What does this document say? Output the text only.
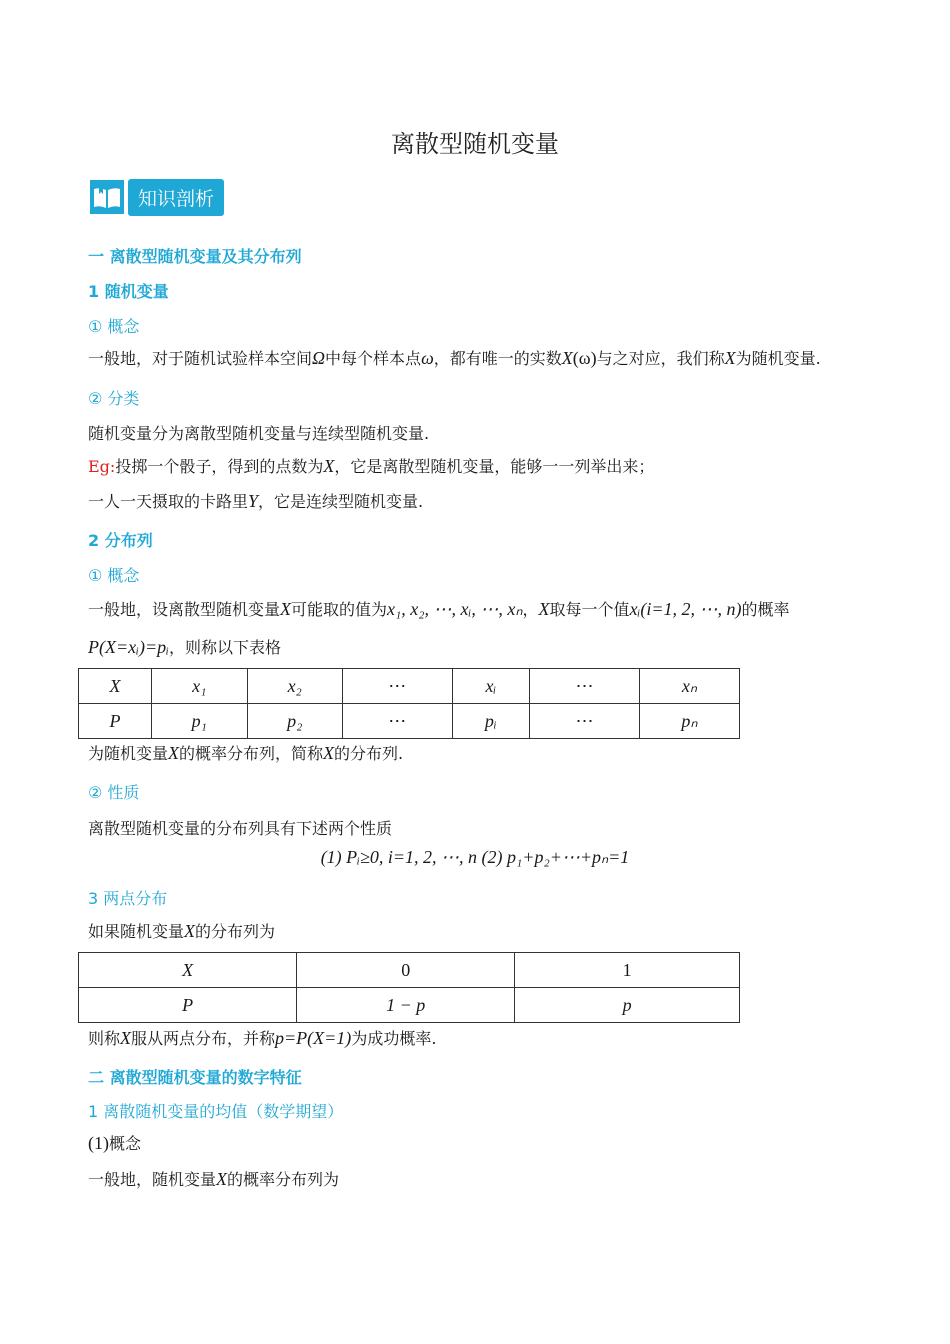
离散型随机变量
知识剖析
一 离散型随机变量及其分布列
1 随机变量
① 概念
一般地，对于随机试验样本空间Ω中每个样本点ω，都有唯一的实数X(ω)与之对应，我们称X为随机变量.
② 分类
随机变量分为离散型随机变量与连续型随机变量.
Eg:投掷一个骰子，得到的点数为X，它是离散型随机变量，能够一一列举出来；
一人一天摄取的卡路里Y，它是连续型随机变量.
2 分布列
① 概念
一般地，设离散型随机变量X可能取的值为x₁, x₂, ⋯, xᵢ, ⋯, xₙ，X取每一个值xᵢ(i=1, 2, ⋯, n)的概率
P(X=xᵢ)=pᵢ，则称以下表格
X	x₁	x₂	⋯	xᵢ	⋯	xₙ
P	p₁	p₂	⋯	pᵢ	⋯	pₙ
为随机变量X的概率分布列，简称X的分布列.
② 性质
离散型随机变量的分布列具有下述两个性质
(1) Pᵢ≥0, i=1, 2, ⋯, n (2) p₁+p₂+⋯+pₙ=1
3 两点分布
如果随机变量X的分布列为
X	0	1
P	1 − p	p
则称X服从两点分布，并称p=P(X=1)为成功概率.
二 离散型随机变量的数字特征
1 离散随机变量的均值（数学期望）
(1)概念
一般地，随机变量X的概率分布列为
